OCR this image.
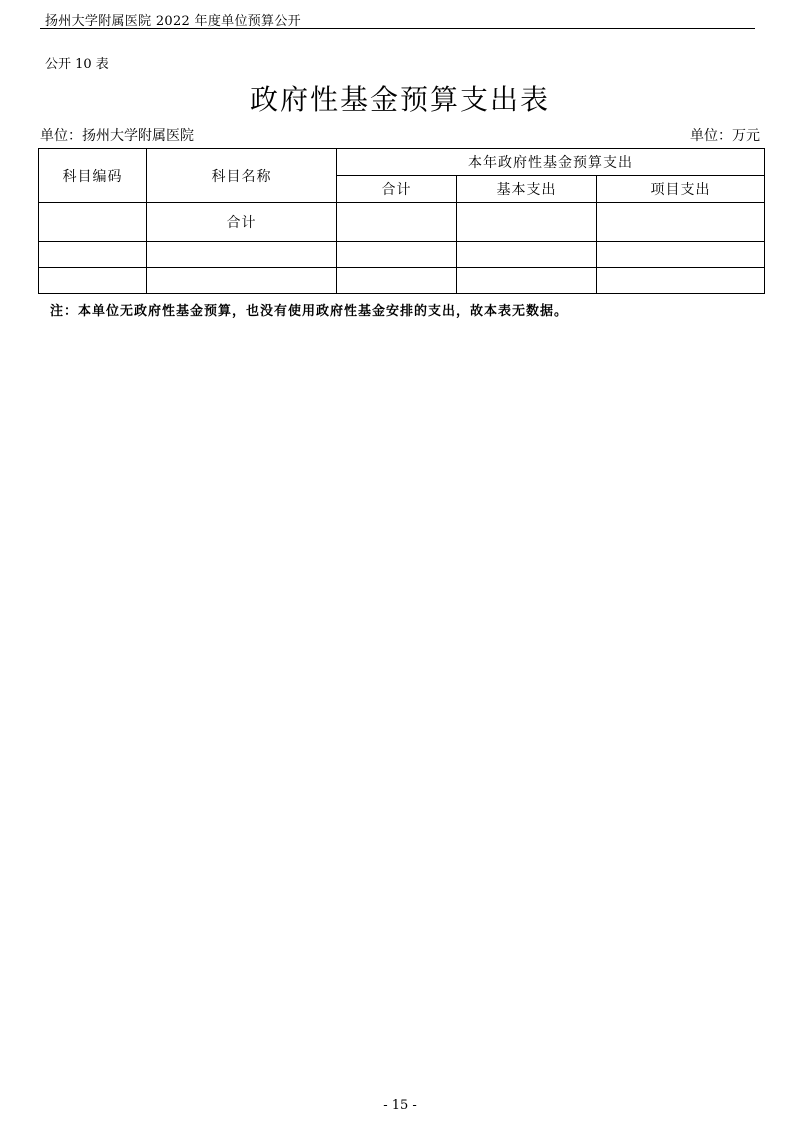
扬州大学附属医院 2022 年度单位预算公开
公开 10 表
政府性基金预算支出表
单位：扬州大学附属医院	单位：万元
科目编码	科目名称	本年政府性基金预算支出		
		合计	基本支出	项目支出
	合计			

注：本单位无政府性基金预算，也没有使用政府性基金安排的支出，故本表无数据。
- 15 -
